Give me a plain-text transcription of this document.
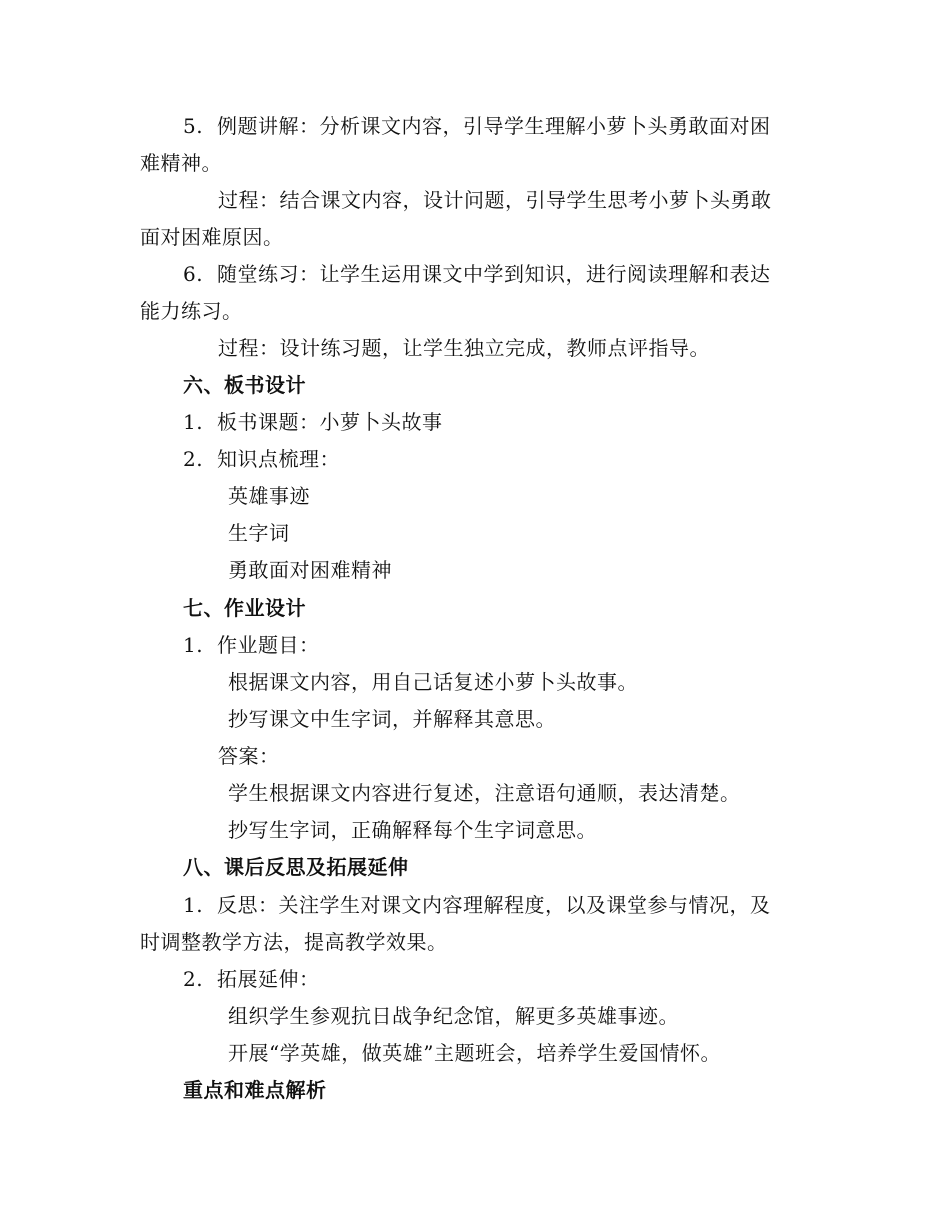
5. 例题讲解：分析课文内容，引导学生理解小萝卜头勇敢面对困
难精神。
过程：结合课文内容，设计问题，引导学生思考小萝卜头勇敢
面对困难原因。
6. 随堂练习：让学生运用课文中学到知识，进行阅读理解和表达
能力练习。
过程：设计练习题，让学生独立完成，教师点评指导。
六、板书设计
1. 板书课题：小萝卜头故事
2. 知识点梳理：
英雄事迹
生字词
勇敢面对困难精神
七、作业设计
1. 作业题目：
根据课文内容，用自己话复述小萝卜头故事。
抄写课文中生字词，并解释其意思。
答案：
学生根据课文内容进行复述，注意语句通顺，表达清楚。
抄写生字词，正确解释每个生字词意思。
八、课后反思及拓展延伸
1. 反思：关注学生对课文内容理解程度，以及课堂参与情况，及
时调整教学方法，提高教学效果。
2. 拓展延伸：
组织学生参观抗日战争纪念馆，解更多英雄事迹。
开展“学英雄，做英雄”主题班会，培养学生爱国情怀。
重点和难点解析
